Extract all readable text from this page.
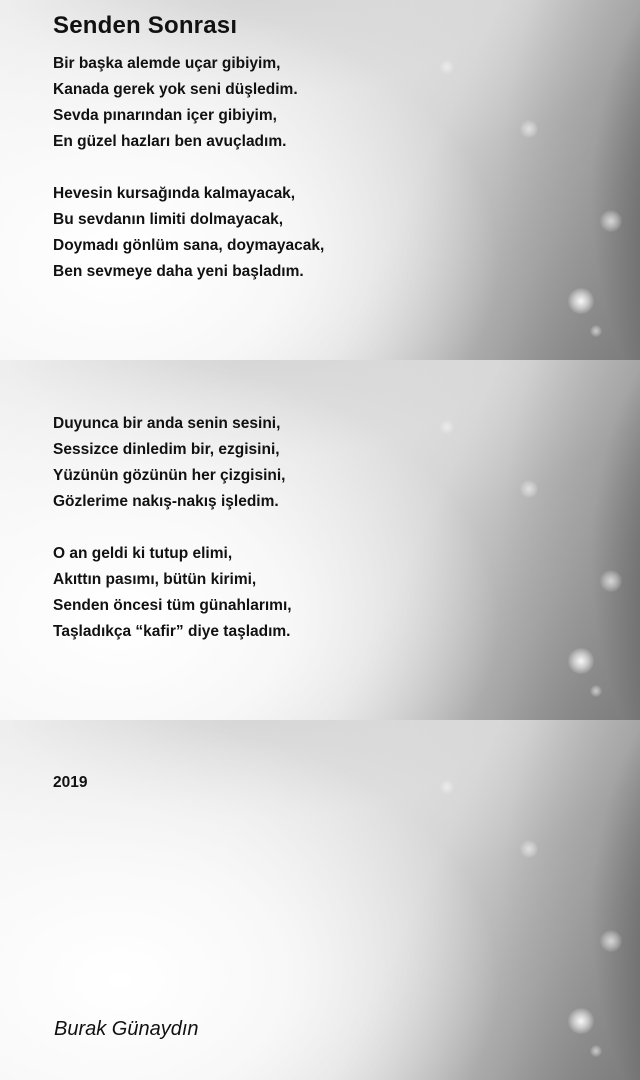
Senden Sonrası
Bir başka alemde uçar gibiyim,
Kanada gerek yok seni düşledim.
Sevda pınarından içer gibiyim,
En güzel hazları ben avuçladım.
Hevesin kursağında kalmayacak,
Bu sevdanın limiti dolmayacak,
Doymadı gönlüm sana, doymayacak,
Ben sevmeye daha yeni başladım.
Duyunca bir anda senin sesini,
Sessizce dinledim bir, ezgisini,
Yüzünün gözünün her çizgisini,
Gözlerime nakış-nakış işledim.
O an geldi ki tutup elimi,
Akıttın pasımı, bütün kirimi,
Senden öncesi tüm günahlarımı,
Taşladıkça “kafir” diye taşladım.
2019
Burak Günaydın
